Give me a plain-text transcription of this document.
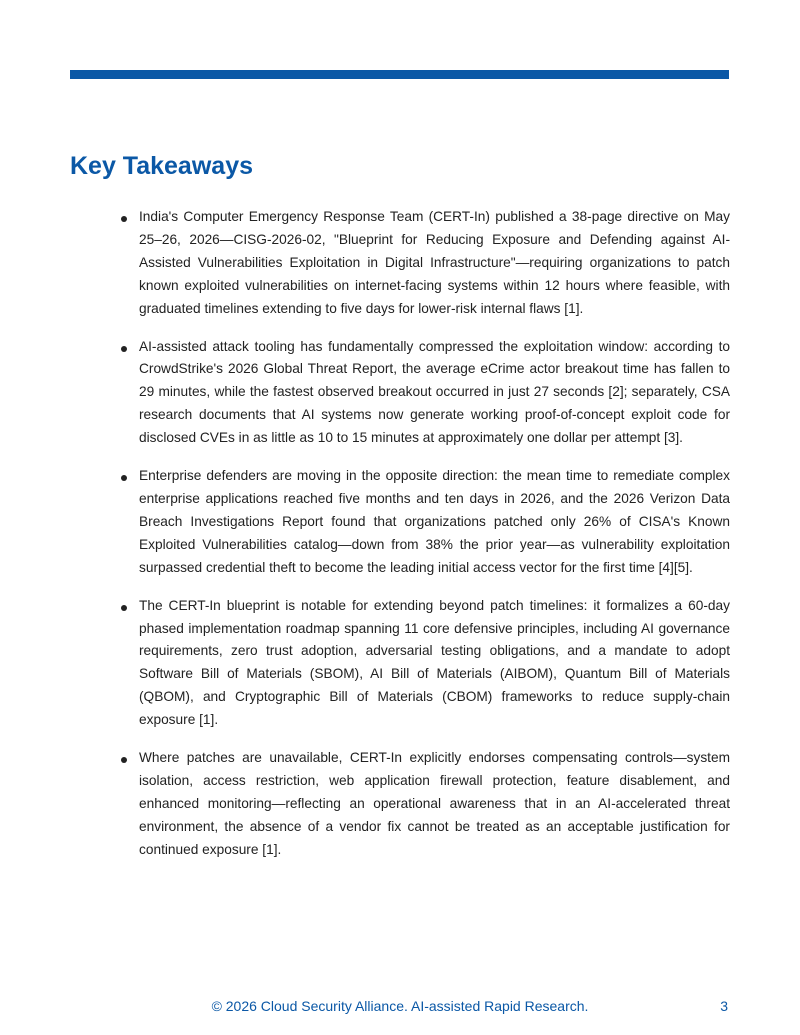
Key Takeaways
India's Computer Emergency Response Team (CERT-In) published a 38-page directive on May 25–26, 2026—CISG-2026-02, "Blueprint for Reducing Exposure and Defending against AI-Assisted Vulnerabilities Exploitation in Digital Infrastructure"—requiring organizations to patch known exploited vulnerabilities on internet-facing systems within 12 hours where feasible, with graduated timelines extending to five days for lower-risk internal flaws [1].
AI-assisted attack tooling has fundamentally compressed the exploitation window: according to CrowdStrike's 2026 Global Threat Report, the average eCrime actor breakout time has fallen to 29 minutes, while the fastest observed breakout occurred in just 27 seconds [2]; separately, CSA research documents that AI systems now generate working proof-of-concept exploit code for disclosed CVEs in as little as 10 to 15 minutes at approximately one dollar per attempt [3].
Enterprise defenders are moving in the opposite direction: the mean time to remediate complex enterprise applications reached five months and ten days in 2026, and the 2026 Verizon Data Breach Investigations Report found that organizations patched only 26% of CISA's Known Exploited Vulnerabilities catalog—down from 38% the prior year—as vulnerability exploitation surpassed credential theft to become the leading initial access vector for the first time [4][5].
The CERT-In blueprint is notable for extending beyond patch timelines: it formalizes a 60-day phased implementation roadmap spanning 11 core defensive principles, including AI governance requirements, zero trust adoption, adversarial testing obligations, and a mandate to adopt Software Bill of Materials (SBOM), AI Bill of Materials (AIBOM), Quantum Bill of Materials (QBOM), and Cryptographic Bill of Materials (CBOM) frameworks to reduce supply-chain exposure [1].
Where patches are unavailable, CERT-In explicitly endorses compensating controls—system isolation, access restriction, web application firewall protection, feature disablement, and enhanced monitoring—reflecting an operational awareness that in an AI-accelerated threat environment, the absence of a vendor fix cannot be treated as an acceptable justification for continued exposure [1].
© 2026 Cloud Security Alliance. AI-assisted Rapid Research.	3
